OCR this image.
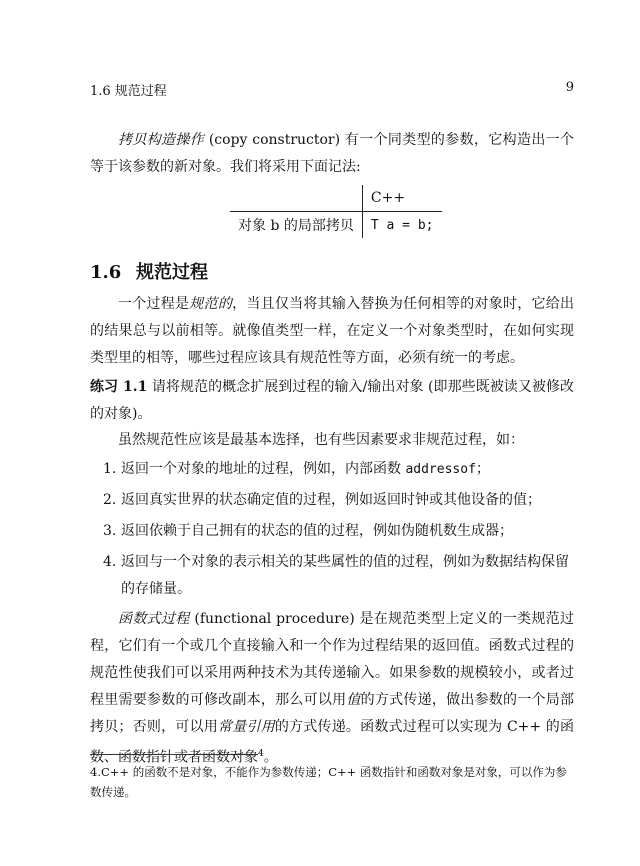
1.6 规范过程	9
拷贝构造操作 (copy constructor) 有一个同类型的参数，它构造出一个等于该参数的新对象。我们将采用下面记法:
	C++
对象 b 的局部拷贝	T a = b;
1.6 规范过程
一个过程是规范的，当且仅当将其输入替换为任何相等的对象时，它给出的结果总与以前相等。就像值类型一样，在定义一个对象类型时，在如何实现类型里的相等，哪些过程应该具有规范性等方面，必须有统一的考虑。
练习 1.1 请将规范的概念扩展到过程的输入/输出对象 (即那些既被读又被修改的对象)。
虽然规范性应该是最基本选择，也有些因素要求非规范过程，如：
1. 返回一个对象的地址的过程，例如，内部函数 addressof；
2. 返回真实世界的状态确定值的过程，例如返回时钟或其他设备的值；
3. 返回依赖于自己拥有的状态的值的过程，例如伪随机数生成器；
4. 返回与一个对象的表示相关的某些属性的值的过程，例如为数据结构保留的存储量。
函数式过程 (functional procedure) 是在规范类型上定义的一类规范过程，它们有一个或几个直接输入和一个作为过程结果的返回值。函数式过程的规范性使我们可以采用两种技术为其传递输入。如果参数的规模较小，或者过程里需要参数的可修改副本，那么可以用值的方式传递，做出参数的一个局部拷贝；否则，可以用常量引用的方式传递。函数式过程可以实现为 C++ 的函数、函数指针或者函数对象$^4$。
4.C++ 的函数不是对象，不能作为参数传递；C++ 函数指针和函数对象是对象，可以作为参数传递。
